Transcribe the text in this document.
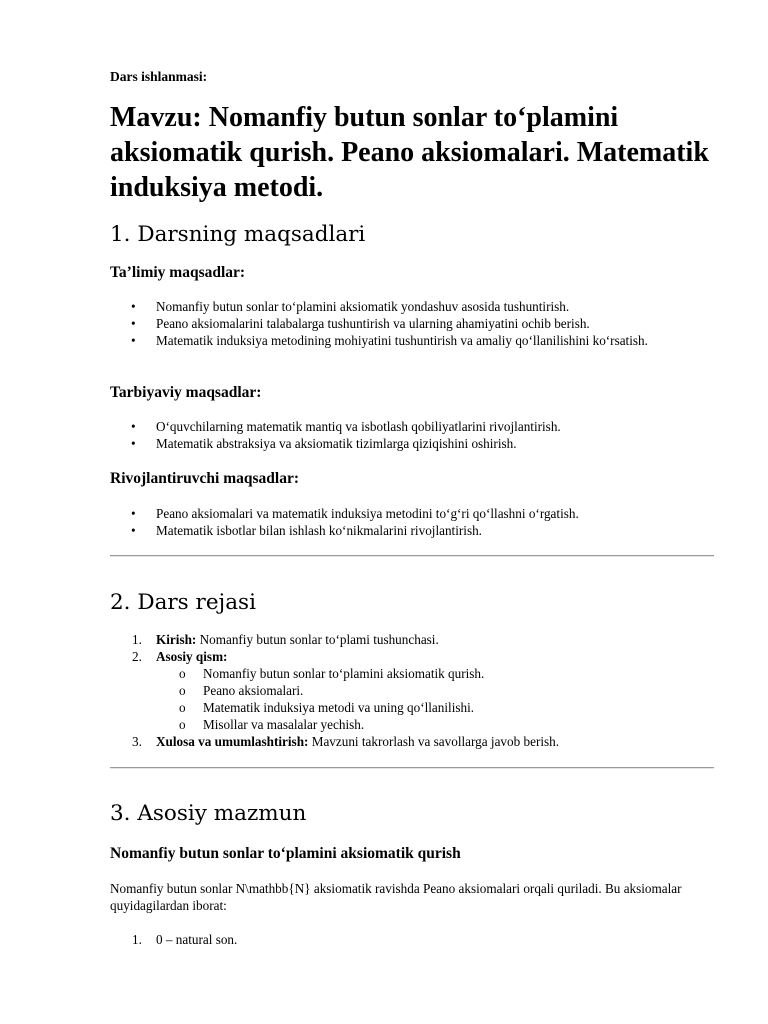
Dars ishlanmasi:
Mavzu: Nomanfiy butun sonlar to‘plamini aksiomatik qurish. Peano aksiomalari. Matematik induksiya metodi.
1. Darsning maqsadlari
Ta’limiy maqsadlar:
• Nomanfiy butun sonlar to‘plamini aksiomatik yondashuv asosida tushuntirish.
• Peano aksiomalarini talabalarga tushuntirish va ularning ahamiyatini ochib berish.
• Matematik induksiya metodining mohiyatini tushuntirish va amaliy qo‘llanilishini ko‘rsatish.
Tarbiyaviy maqsadlar:
• O‘quvchilarning matematik mantiq va isbotlash qobiliyatlarini rivojlantirish.
• Matematik abstraksiya va aksiomatik tizimlarga qiziqishini oshirish.
Rivojlantiruvchi maqsadlar:
• Peano aksiomalari va matematik induksiya metodini to‘g‘ri qo‘llashni o‘rgatish.
• Matematik isbotlar bilan ishlash ko‘nikmalarini rivojlantirish.
2. Dars rejasi
1. Kirish: Nomanfiy butun sonlar to‘plami tushunchasi.
2. Asosiy qism:
o Nomanfiy butun sonlar to‘plamini aksiomatik qurish.
o Peano aksiomalari.
o Matematik induksiya metodi va uning qo‘llanilishi.
o Misollar va masalalar yechish.
3. Xulosa va umumlashtirish: Mavzuni takrorlash va savollarga javob berish.
3. Asosiy mazmun
Nomanfiy butun sonlar to‘plamini aksiomatik qurish

Nomanfiy butun sonlar N\mathbb{N} aksiomatik ravishda Peano aksiomalari orqali quriladi. Bu aksiomalar quyidagilardan iborat:

1. 0 – natural son.
